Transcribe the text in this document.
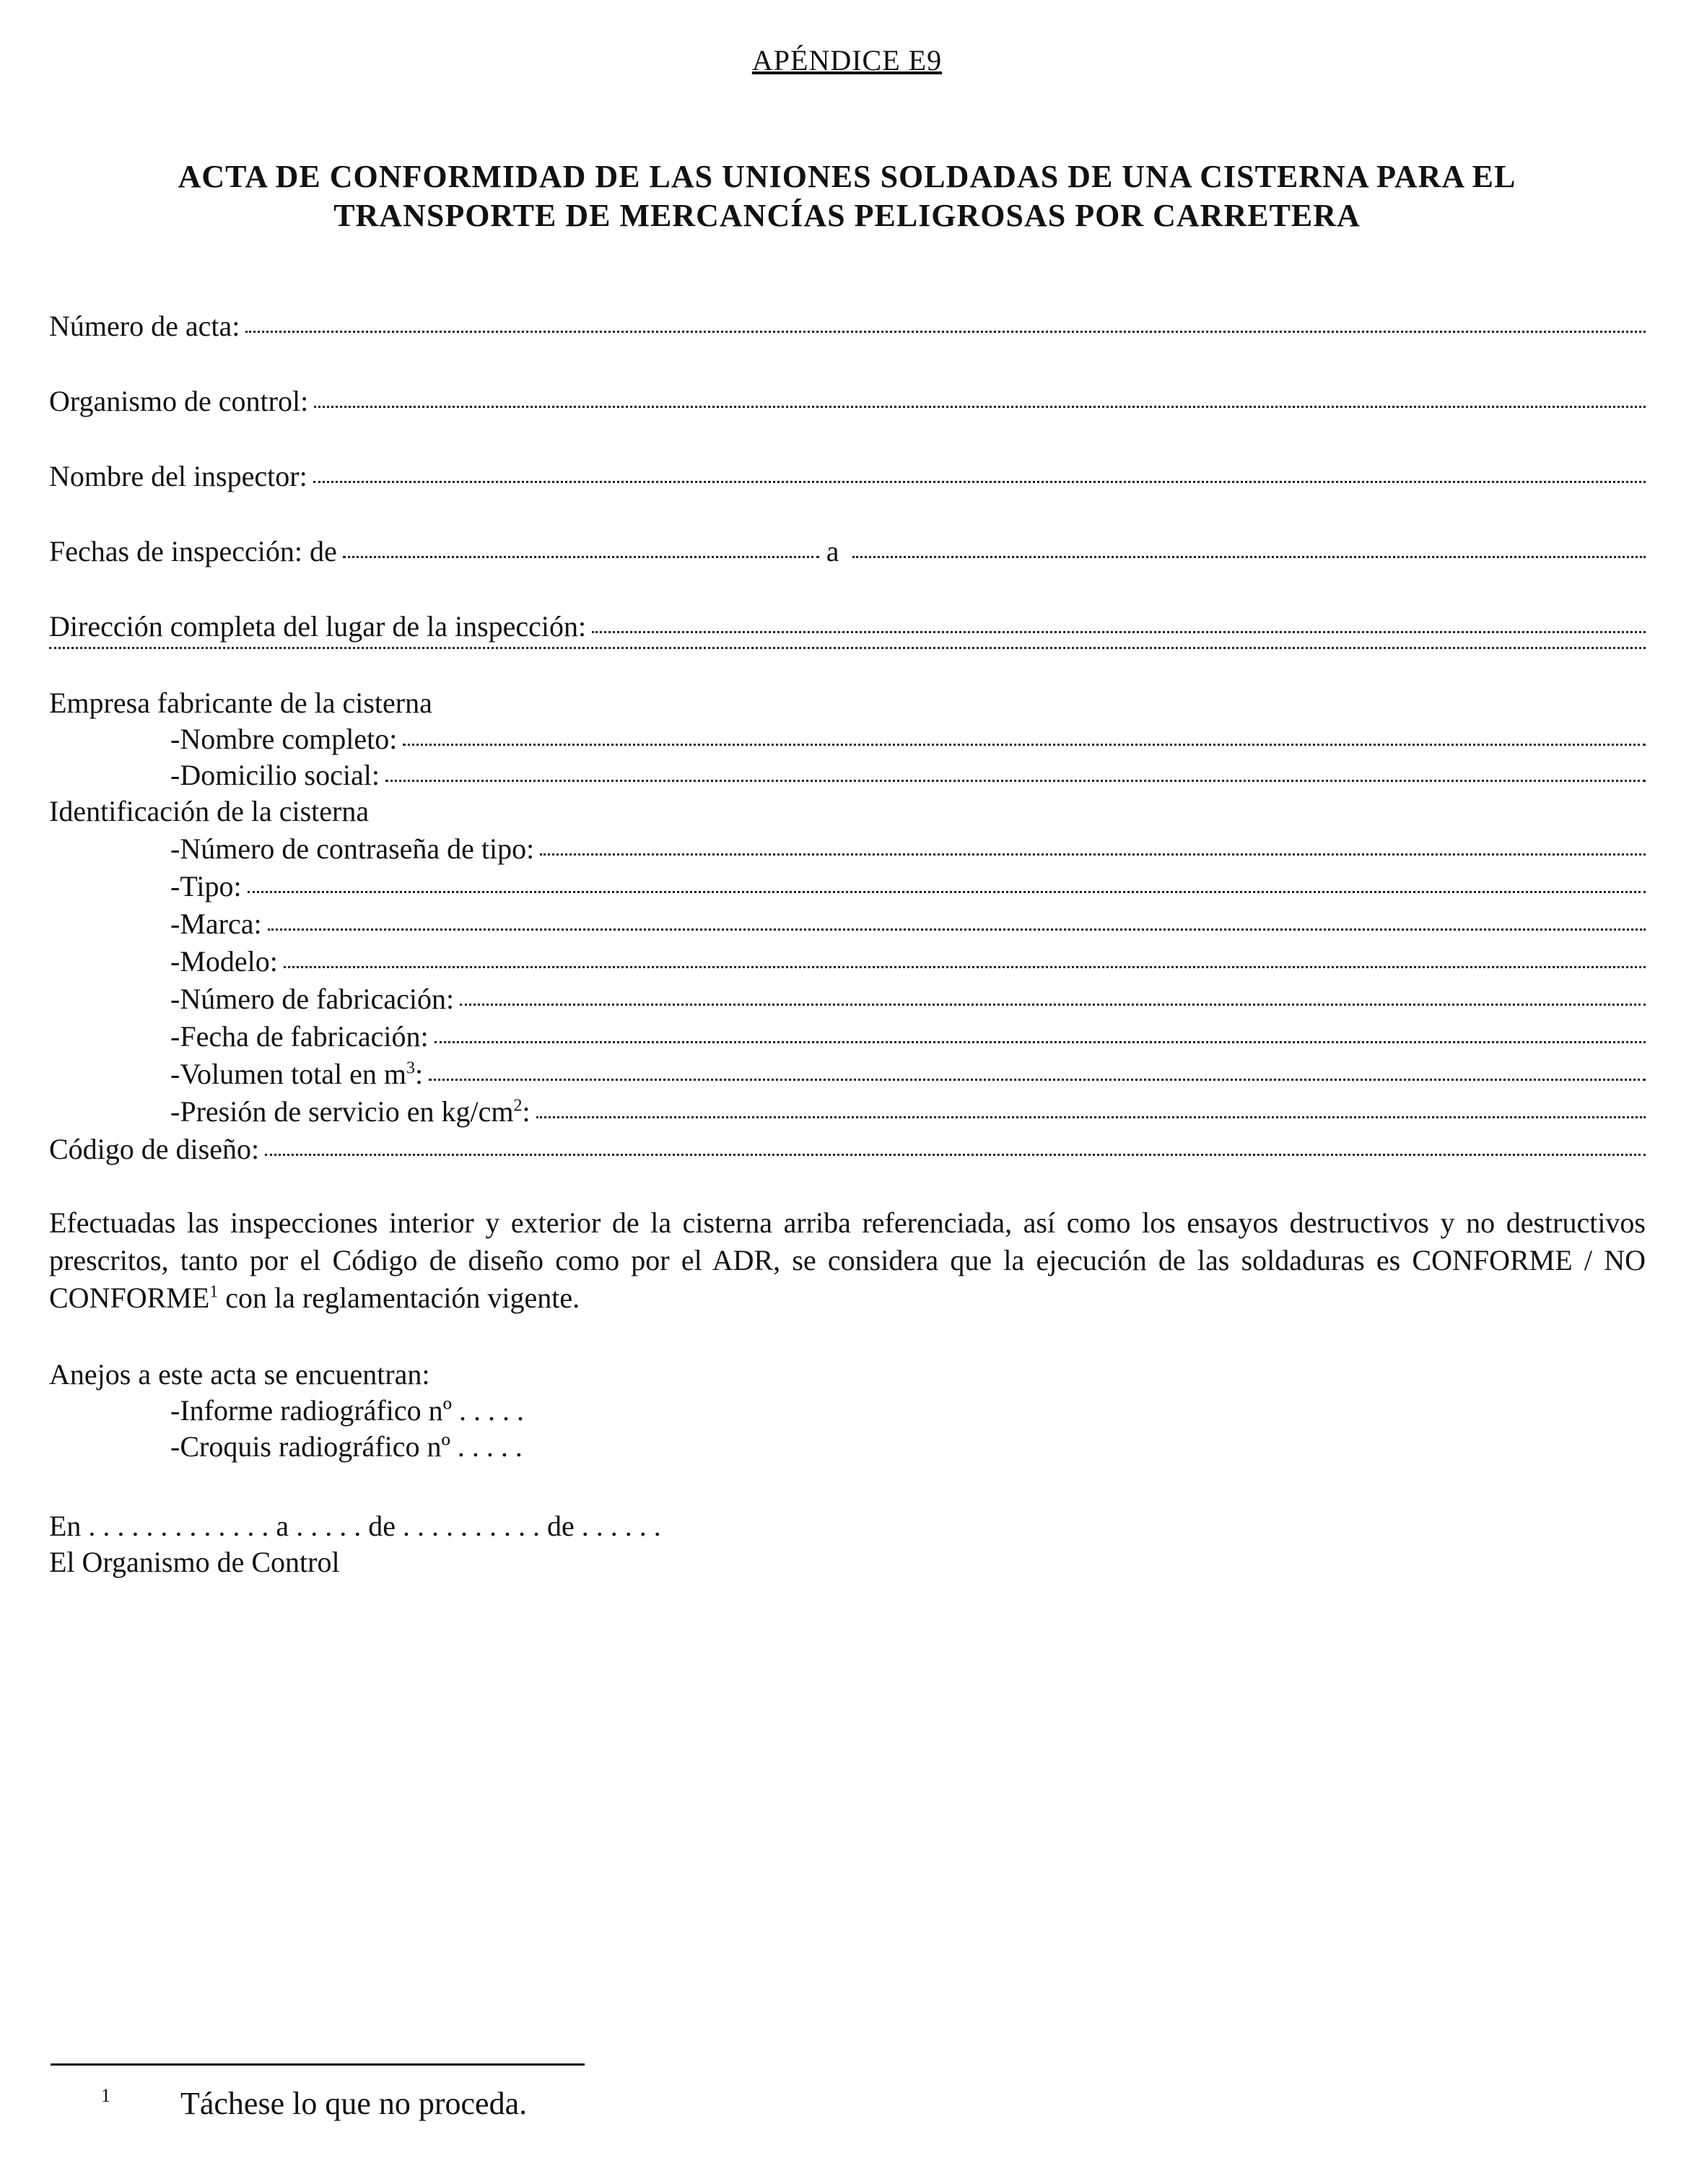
APÉNDICE E9
ACTA DE CONFORMIDAD DE LAS UNIONES SOLDADAS DE UNA CISTERNA PARA EL
TRANSPORTE DE MERCANCÍAS PELIGROSAS POR CARRETERA
Número de acta:
Organismo de control:
Nombre del inspector:
Fechas de inspección: de	a
Dirección completa del lugar de la inspección:
Empresa fabricante de la cisterna
-Nombre completo:
-Domicilio social:
Identificación de la cisterna
-Número de contraseña de tipo:
-Tipo:
-Marca:
-Modelo:
-Número de fabricación:
-Fecha de fabricación:
-Volumen total en $m^3$:
-Presión de servicio en $kg/cm^2$:
Código de diseño:
Efectuadas las inspecciones interior y exterior de la cisterna arriba referenciada, así como los ensayos destructivos y no destructivos prescritos, tanto por el Código de diseño como por el ADR, se considera que la ejecución de las soldaduras es CONFORME / NO CONFORME$^1$ con la reglamentación vigente.
Anejos a este acta se encuentran:
-Informe radiográfico nº . . . . .
-Croquis radiográfico nº . . . . .
En . . . . . . . . . . . . . a . . . . . de . . . . . . . . . . de . . . . . .
El Organismo de Control
1 Táchese lo que no proceda.
